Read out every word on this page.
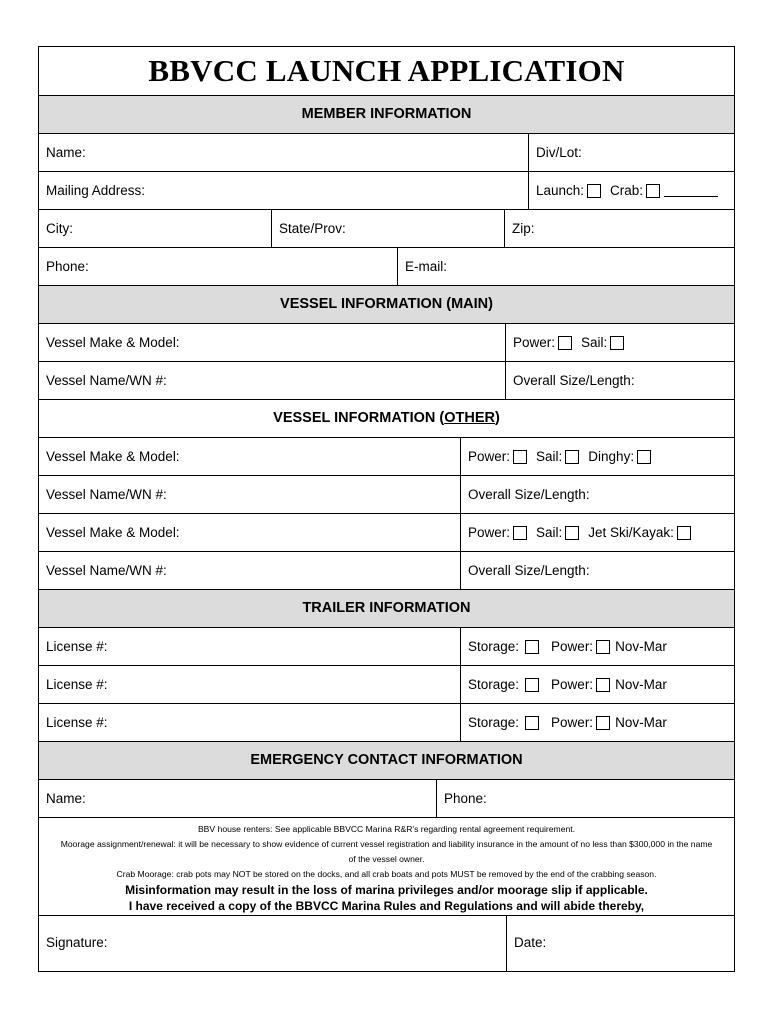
BBVCC LAUNCH APPLICATION
MEMBER INFORMATION
Name:	Div/Lot:
Mailing Address:	Launch: Crab:
City:	State/Prov:	Zip:
Phone:	E-mail:
VESSEL INFORMATION (MAIN)
Vessel Make & Model:	Power: Sail:
Vessel Name/WN #:	Overall Size/Length:
VESSEL INFORMATION (OTHER)
Vessel Make & Model:	Power: Sail: Dinghy:
Vessel Name/WN #:	Overall Size/Length:
Vessel Make & Model:	Power: Sail: Jet Ski/Kayak:
Vessel Name/WN #:	Overall Size/Length:
TRAILER INFORMATION
License #:	Storage: Power: Nov-Mar
License #:	Storage: Power: Nov-Mar
License #:	Storage: Power: Nov-Mar
EMERGENCY CONTACT INFORMATION
Name:	Phone:
BBV house renters: See applicable BBVCC Marina R&R's regarding rental agreement requirement.
Moorage assignment/renewal: it will be necessary to show evidence of current vessel registration and liability insurance in the amount of no less than $300,000 in the name of the vessel owner.
Crab Moorage: crab pots may NOT be stored on the docks, and all crab boats and pots MUST be removed by the end of the crabbing season.
Misinformation may result in the loss of marina privileges and/or moorage slip if applicable.
I have received a copy of the BBVCC Marina Rules and Regulations and will abide thereby,
Signature:	Date:
